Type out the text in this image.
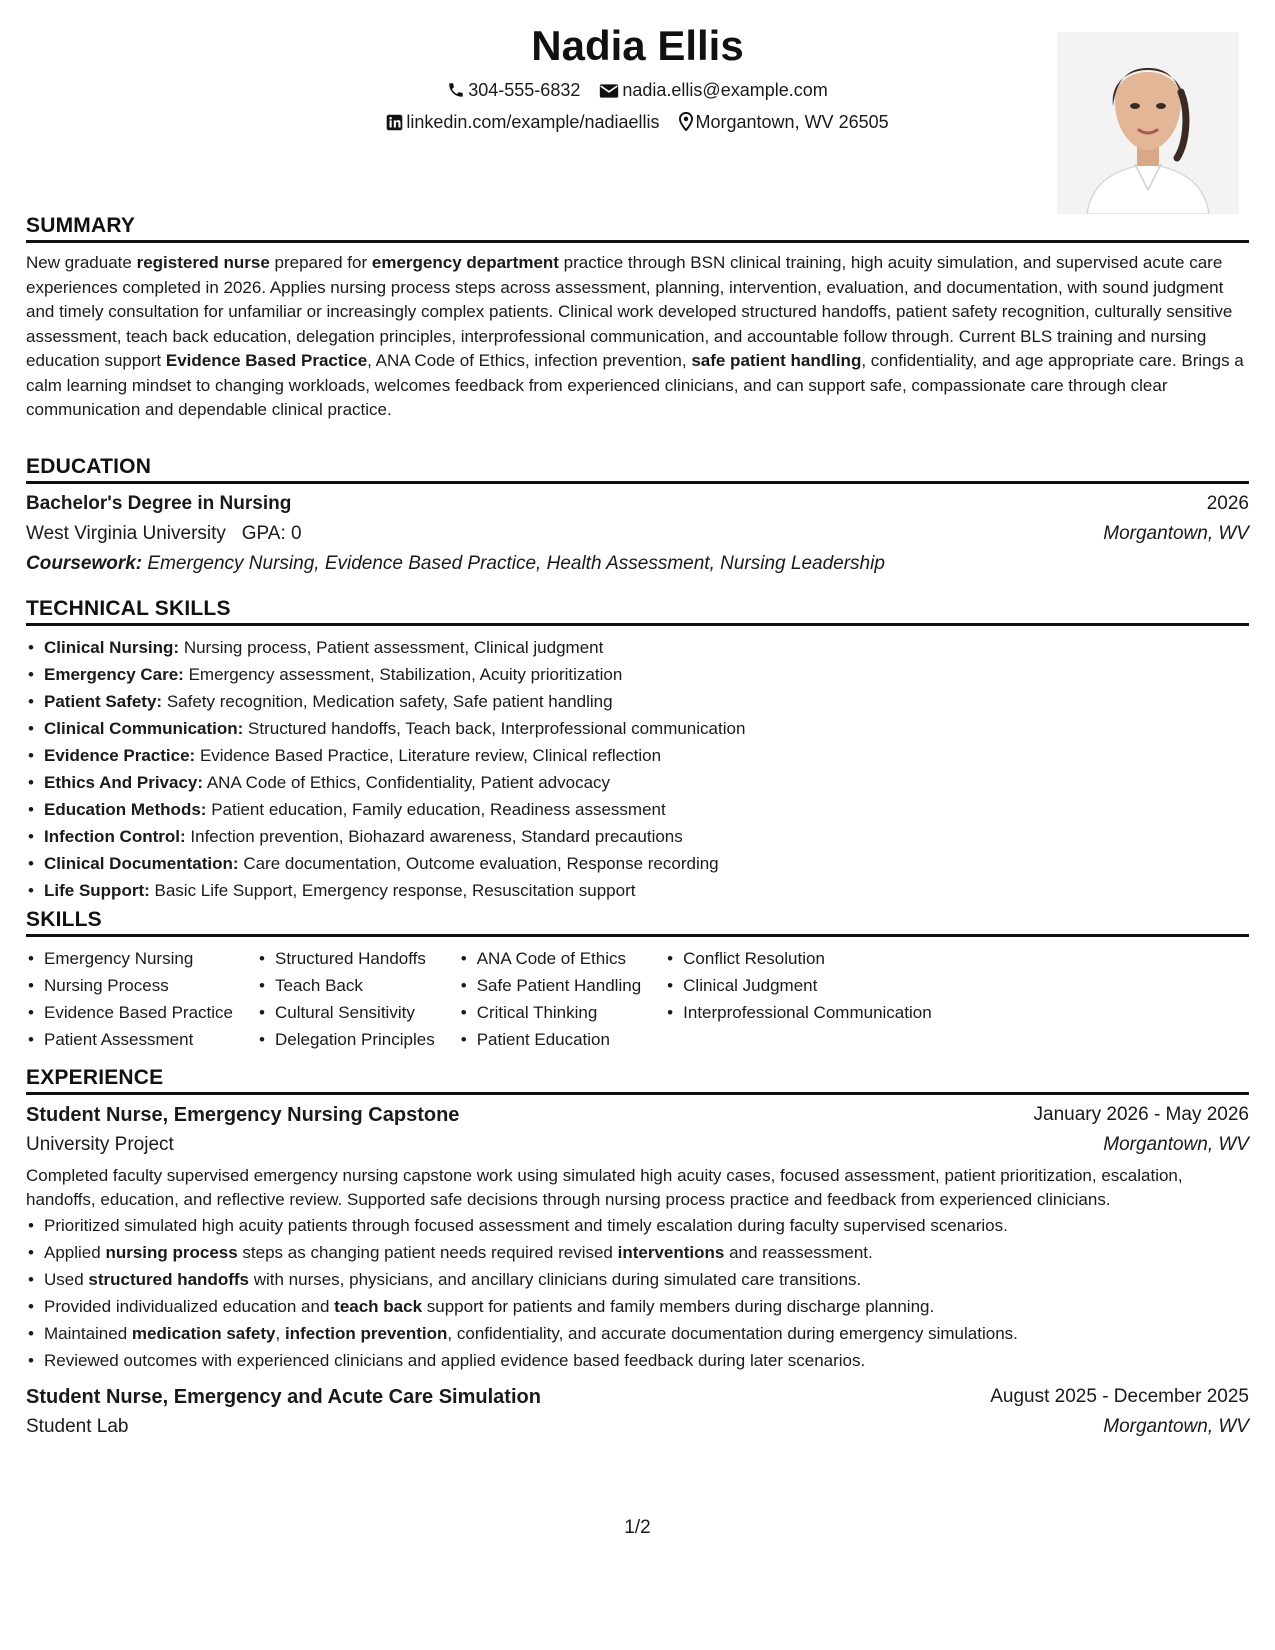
Nadia Ellis
304-555-6832 nadia.ellis@example.com
linkedin.com/example/nadiaellis Morgantown, WV 26505
SUMMARY

New graduate registered nurse prepared for emergency department practice through BSN clinical training, high acuity simulation, and supervised acute care experiences completed in 2026. Applies nursing process steps across assessment, planning, intervention, evaluation, and documentation, with sound judgment and timely consultation for unfamiliar or increasingly complex patients. Clinical work developed structured handoffs, patient safety recognition, culturally sensitive assessment, teach back education, delegation principles, interprofessional communication, and accountable follow through. Current BLS training and nursing education support Evidence Based Practice, ANA Code of Ethics, infection prevention, safe patient handling, confidentiality, and age appropriate care. Brings a calm learning mindset to changing workloads, welcomes feedback from experienced clinicians, and can support safe, compassionate care through clear communication and dependable clinical practice.

EDUCATION
Bachelor's Degree in Nursing	2026
West Virginia University GPA: 0	Morgantown, WV
Coursework: Emergency Nursing, Evidence Based Practice, Health Assessment, Nursing Leadership
TECHNICAL SKILLS
• Clinical Nursing: Nursing process, Patient assessment, Clinical judgment
• Emergency Care: Emergency assessment, Stabilization, Acuity prioritization
• Patient Safety: Safety recognition, Medication safety, Safe patient handling
• Clinical Communication: Structured handoffs, Teach back, Interprofessional communication
• Evidence Practice: Evidence Based Practice, Literature review, Clinical reflection
• Ethics And Privacy: ANA Code of Ethics, Confidentiality, Patient advocacy
• Education Methods: Patient education, Family education, Readiness assessment
• Infection Control: Infection prevention, Biohazard awareness, Standard precautions
• Clinical Documentation: Care documentation, Outcome evaluation, Response recording
• Life Support: Basic Life Support, Emergency response, Resuscitation support
SKILLS
• Emergency Nursing
• Nursing Process
• Evidence Based Practice
• Patient Assessment
• Structured Handoffs
• Teach Back
• Cultural Sensitivity
• Delegation Principles
• ANA Code of Ethics
• Safe Patient Handling
• Critical Thinking
• Patient Education
• Conflict Resolution
• Clinical Judgment
• Interprofessional Communication
EXPERIENCE
Student Nurse, Emergency Nursing Capstone	January 2026 - May 2026
University Project	Morgantown, WV

Completed faculty supervised emergency nursing capstone work using simulated high acuity cases, focused assessment, patient prioritization, escalation, handoffs, education, and reflective review. Supported safe decisions through nursing process practice and feedback from experienced clinicians.

• Prioritized simulated high acuity patients through focused assessment and timely escalation during faculty supervised scenarios.
• Applied nursing process steps as changing patient needs required revised interventions and reassessment.
• Used structured handoffs with nurses, physicians, and ancillary clinicians during simulated care transitions.
• Provided individualized education and teach back support for patients and family members during discharge planning.
• Maintained medication safety, infection prevention, confidentiality, and accurate documentation during emergency simulations.
• Reviewed outcomes with experienced clinicians and applied evidence based feedback during later scenarios.
Student Nurse, Emergency and Acute Care Simulation	August 2025 - December 2025
Student Lab	Morgantown, WV
1/2
